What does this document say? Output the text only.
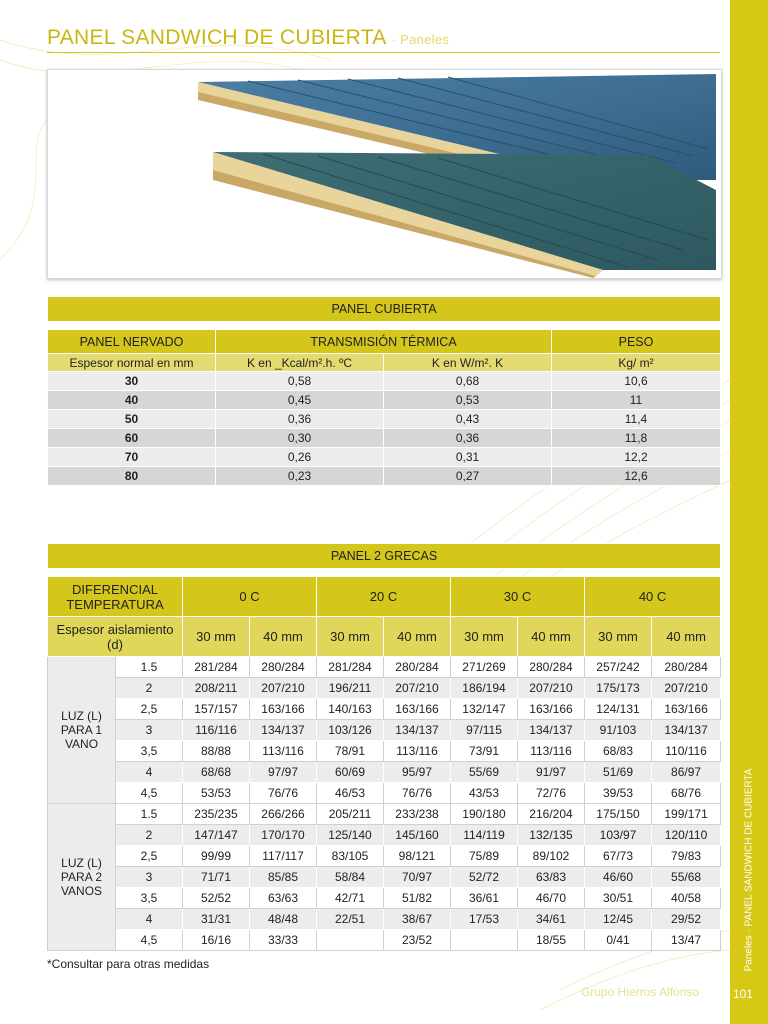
PANEL SANDWICH DE CUBIERTA · Paneles
PANEL CUBIERTA			

PANEL NERVADO	TRANSMISIÓN TÉRMICA		PESO
Espesor normal en mm	K en _Kcal/m².h. ºC	K en W/m². K	Kg/ m²
30	0,58	0,68	10,6
40	0,45	0,53	11
50	0,36	0,43	11,4
60	0,30	0,36	11,8
70	0,26	0,31	12,2
80	0,23	0,27	12,6
PANEL 2 GRECAS									

DIFERENCIAL TEMPERATURA		0 C		20 C		30 C		40 C	
Espesor aislamiento (d)		30 mm	40 mm	30 mm	40 mm	30 mm	40 mm	30 mm	40 mm
LUZ (L) PARA 1 VANO	1.5	281/284	280/284	281/284	280/284	271/269	280/284	257/242	280/284
	2	208/211	207/210	196/211	207/210	186/194	207/210	175/173	207/210
	2,5	157/157	163/166	140/163	163/166	132/147	163/166	124/131	163/166
	3	116/116	134/137	103/126	134/137	97/115	134/137	91/103	134/137
	3,5	88/88	113/116	78/91	113/116	73/91	113/116	68/83	110/116
	4	68/68	97/97	60/69	95/97	55/69	91/97	51/69	86/97
	4,5	53/53	76/76	46/53	76/76	43/53	72/76	39/53	68/76
LUZ (L) PARA 2 VANOS	1.5	235/235	266/266	205/211	233/238	190/180	216/204	175/150	199/171
	2	147/147	170/170	125/140	145/160	114/119	132/135	103/97	120/110
	2,5	99/99	117/117	83/105	98/121	75/89	89/102	67/73	79/83
	3	71/71	85/85	58/84	70/97	52/72	63/83	46/60	55/68
	3,5	52/52	63/63	42/71	51/82	36/61	46/70	30/51	40/58
	4	31/31	48/48	22/51	38/67	17/53	34/61	12/45	29/52
	4,5	16/16	33/33		23/52		18/55	0/41	13/47
*Consultar para otras medidas	Paneles · PANEL SANDWICH DE CUBIERTA
101
Grupo Hierros Alfonso
